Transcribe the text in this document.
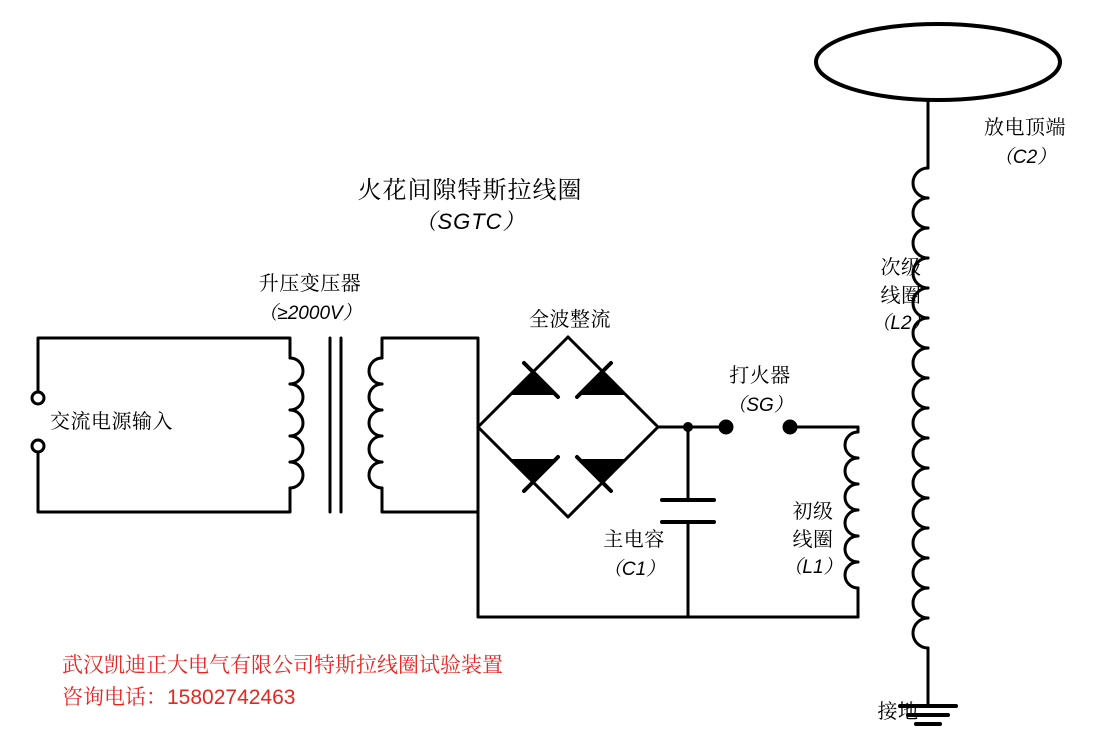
火花间隙特斯拉线圈
（SGTC）
交流电源输入
升压变压器
（≥2000V）	全波整流
打火器
（SG）
主电容
（C1）
初级
线圈
（L1）
次级
线圈
（L2）
放电顶端
（C2）
接地
武汉凯迪正大电气有限公司特斯拉线圈试验装置
咨询电话：15802742463
